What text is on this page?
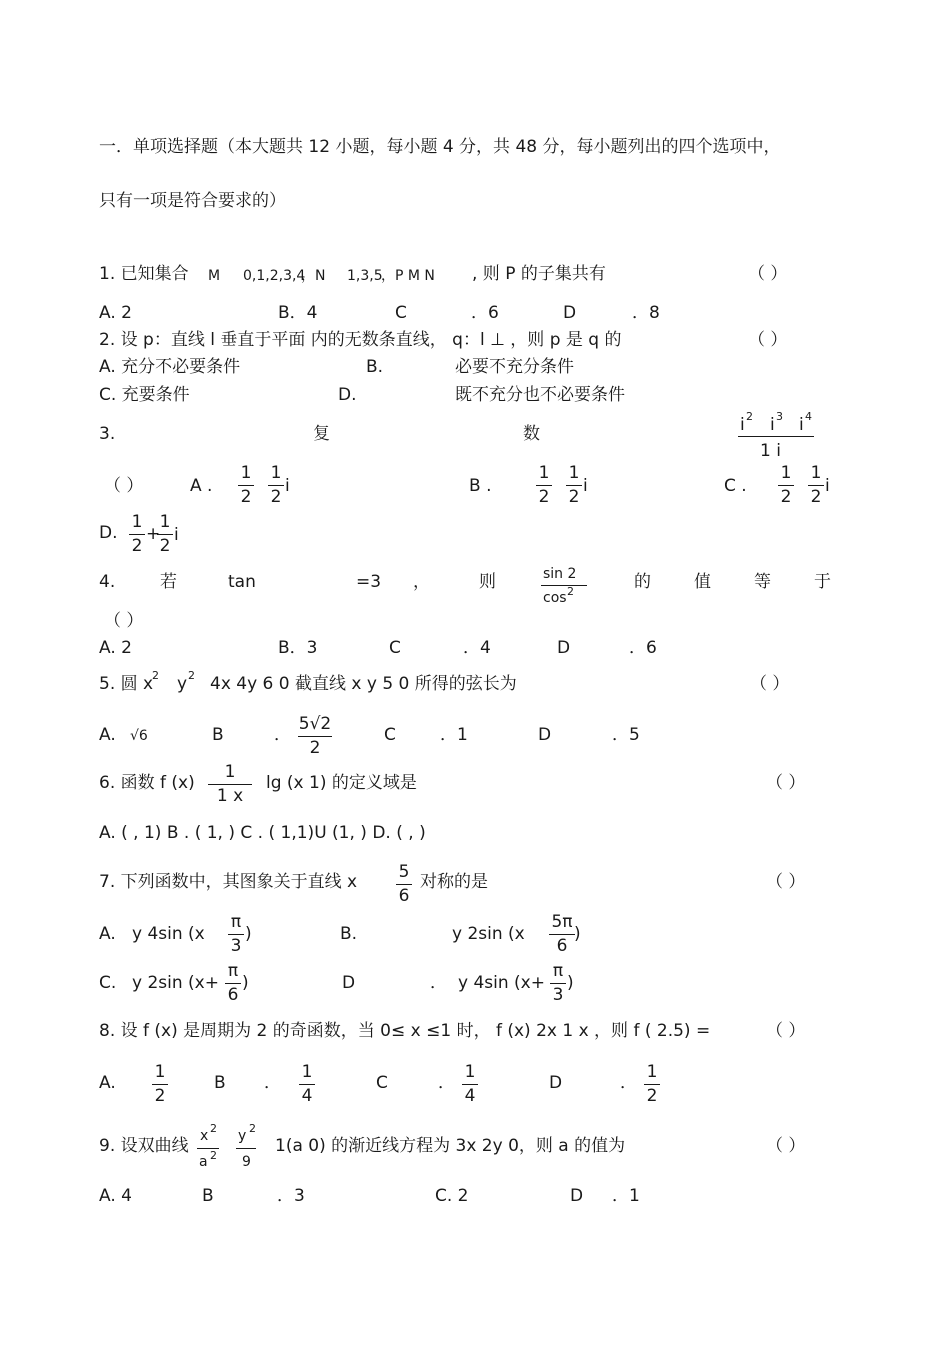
一．单项选择题（本大题共 12 小题，每小题 4 分，共 48 分，每小题列出的四个选项中，
只有一项是符合要求的）
1. 已知集合 M 0,1,2,3,4
，N 1,3,5
，P M N , 则 P 的子集共有	（ ）
A. 2	B．4	C	．6	D	．8
2. 设 p：直线 l 垂直于平面 内的无数条直线， q：l ⊥ ，则 p 是 q 的	（ ）
A. 充分不必要条件	B.	必要不充分条件
C. 充要条件	D.	既不充分也不必要条件
3.	复	数	i 2 i 3 i 4
1 i
（ ）	A .
1
2
1
2
i	B .
1
2
1
2
i	C .
1
2
1
2
i
D.
1
2
+
1
2
i
4.	若	tan	=3 ，	则	sin 2
cos 2	的	值	等	于
（ ）
A. 2	B．3	C	．4	D	．6
5. 圆 x
2 y 2 4x 4y 6 0 截直线 x y 5 0 所得的弦长为	（ ）
A. √6	B	．
5√2
2
C	．1	D	．5
6. 函数 f (x)
1
1 x
lg (x 1) 的定义域是	（ ）
A. ( , 1) B . ( 1, ) C . ( 1,1)U (1, ) D. ( , )
7. 下列函数中，其图象关于直线 x 5
6
对称的是	（ ）
A. y 4sin (x
π
3
)	B.	y 2sin (x
5π
6
)
C. y 2sin (x+
π
6
)	D	． y 4sin (x+
π
3
)
8. 设 f (x) 是周期为 2 的奇函数，当 0≤ x ≤1 时， f (x) 2x 1 x ，则 f ( 2.5) =	（ ）
A.
1
2
B ．
1
4
C	．
1
4
D	．
1
2
9. 设双曲线 x 2
a 2
y 2
9
1(a 0) 的渐近线方程为 3x 2y 0，则 a 的值为	（ ）
A. 4	B	．3	C. 2	D ．1
